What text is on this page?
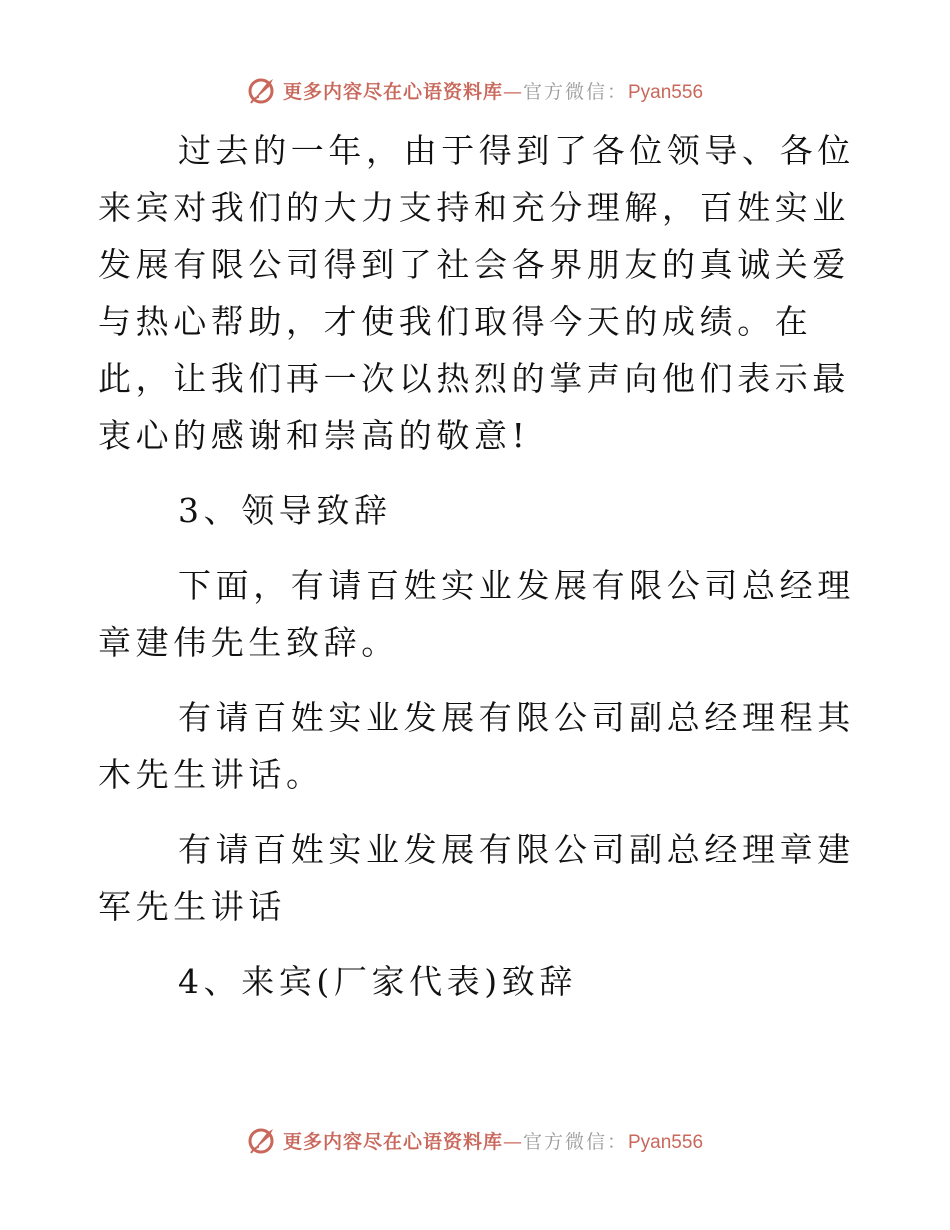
更多内容尽在心语资料库—官方微信：Pyan556

过去的一年，由于得到了各位领导、各位来宾对我们的大力支持和充分理解，百姓实业发展有限公司得到了社会各界朋友的真诚关爱与热心帮助，才使我们取得今天的成绩。在此，让我们再一次以热烈的掌声向他们表示最衷心的感谢和崇高的敬意!

3、领导致辞

下面，有请百姓实业发展有限公司总经理章建伟先生致辞。

有请百姓实业发展有限公司副总经理程其木先生讲话。

有请百姓实业发展有限公司副总经理章建军先生讲话

4、来宾(厂家代表)致辞

更多内容尽在心语资料库—官方微信：Pyan556
